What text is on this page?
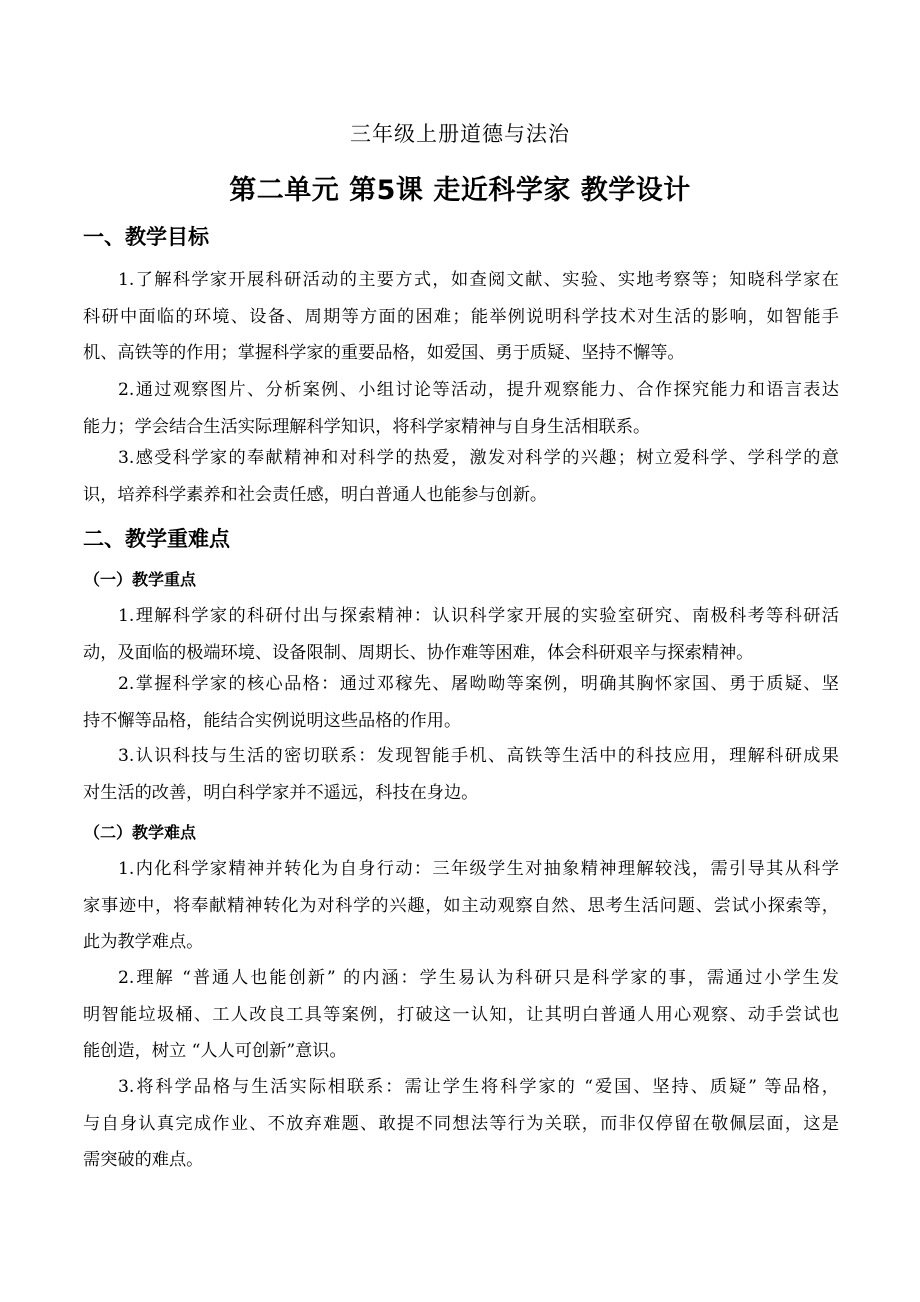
三年级上册道德与法治
第二单元 第5课 走近科学家 教学设计
一、教学目标
1.了解科学家开展科研活动的主要方式，如查阅文献、实验、实地考察等；知晓科学家在
科研中面临的环境、设备、周期等方面的困难；能举例说明科学技术对生活的影响，如智能手
机、高铁等的作用；掌握科学家的重要品格，如爱国、勇于质疑、坚持不懈等。
2.通过观察图片、分析案例、小组讨论等活动，提升观察能力、合作探究能力和语言表达
能力；学会结合生活实际理解科学知识，将科学家精神与自身生活相联系。
3.感受科学家的奉献精神和对科学的热爱，激发对科学的兴趣；树立爱科学、学科学的意
识，培养科学素养和社会责任感，明白普通人也能参与创新。
二、教学重难点
（一）教学重点
1.理解科学家的科研付出与探索精神：认识科学家开展的实验室研究、南极科考等科研活
动，及面临的极端环境、设备限制、周期长、协作难等困难，体会科研艰辛与探索精神。
2.掌握科学家的核心品格：通过邓稼先、屠呦呦等案例，明确其胸怀家国、勇于质疑、坚
持不懈等品格，能结合实例说明这些品格的作用。
3.认识科技与生活的密切联系：发现智能手机、高铁等生活中的科技应用，理解科研成果
对生活的改善，明白科学家并不遥远，科技在身边。
（二）教学难点
1.内化科学家精神并转化为自身行动：三年级学生对抽象精神理解较浅，需引导其从科学
家事迹中，将奉献精神转化为对科学的兴趣，如主动观察自然、思考生活问题、尝试小探索等，
此为教学难点。
2.理解 “普通人也能创新” 的内涵：学生易认为科研只是科学家的事，需通过小学生发
明智能垃圾桶、工人改良工具等案例，打破这一认知，让其明白普通人用心观察、动手尝试也
能创造，树立 “人人可创新”意识。
3.将科学品格与生活实际相联系：需让学生将科学家的 “爱国、坚持、质疑” 等品格，
与自身认真完成作业、不放弃难题、敢提不同想法等行为关联，而非仅停留在敬佩层面，这是
需突破的难点。
